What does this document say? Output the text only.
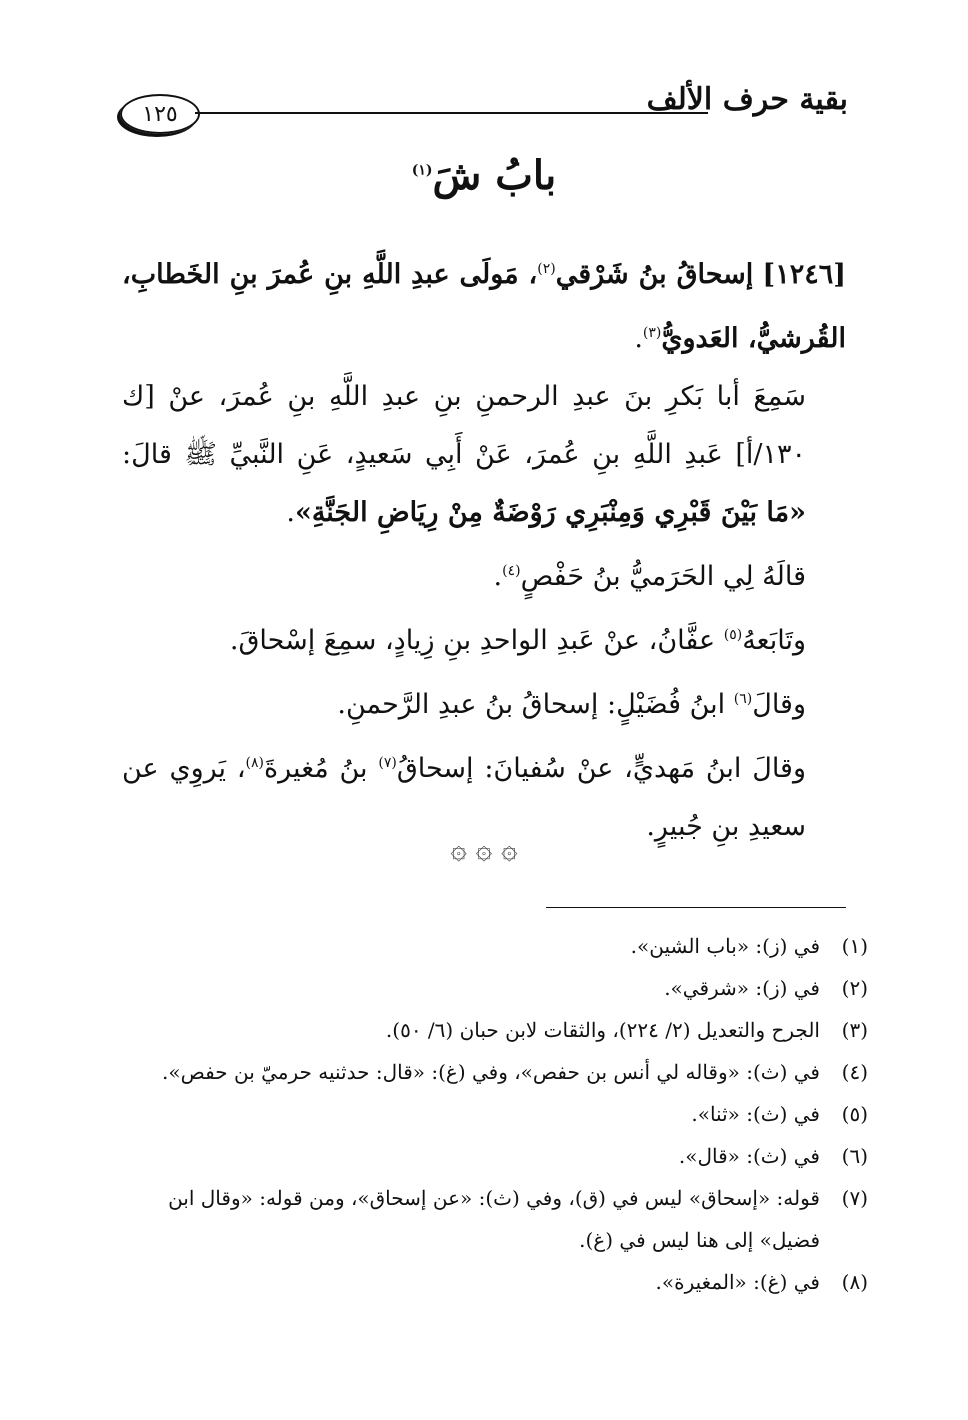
بقية حرف الألف
١٢٥
بابُ شَ$^{(١)}$

[١٢٤٦] إسحاقُ بنُ شَرْقي$^{(٢)}$، مَولَى عبدِ اللَّهِ بنِ عُمرَ بنِ الخَطابِ، القُرشيُّ، العَدويُّ$^{(٣)}$.

سَمِعَ أبا بَكرِ بنَ عبدِ الرحمنِ بنِ عبدِ اللَّهِ بنِ عُمرَ، عنْ [ك ١٣٠/أ] عَبدِ اللَّهِ بنِ عُمرَ، عَنْ أَبِي سَعيدٍ، عَنِ النَّبيِّ ﷺ قالَ: «مَا بَيْنَ قَبْرِي وَمِنْبَرِي رَوْضَةٌ مِنْ رِيَاضِ الجَنَّةِ».

قالَهُ لِي الحَرَميُّ بنُ حَفْصٍ$^{(٤)}$.

وتَابَعهُ$^{(٥)}$ عفَّانُ، عنْ عَبدِ الواحدِ بنِ زِيادٍ، سمِعَ إسْحاقَ.

وقالَ$^{(٦)}$ ابنُ فُضَيْلٍ: إسحاقُ بنُ عبدِ الرَّحمنِ.

وقالَ ابنُ مَهديٍّ، عنْ سُفيانَ: إسحاقُ$^{(٧)}$ بنُ مُغيرةَ$^{(٨)}$، يَروِي عن سعيدِ بنِ جُبيرٍ.

۞ ۞ ۞
(١)
في (ز): «باب الشين».
(٢)
في (ز): «شرقي».
(٣)
الجرح والتعديل (٢/ ٢٢٤)، والثقات لابن حبان (٦/ ٥٠).
(٤)
في (ث): «وقاله لي أنس بن حفص»، وفي (غ): «قال: حدثنيه حرميّ بن حفص».
(٥)
في (ث): «ثنا».
(٦)
في (ث): «قال».
(٧)
قوله: «إسحاق» ليس في (ق)، وفي (ث): «عن إسحاق»، ومن قوله: «وقال ابن فضيل» إلى هنا ليس في (غ).
(٨)
في (غ): «المغيرة».
